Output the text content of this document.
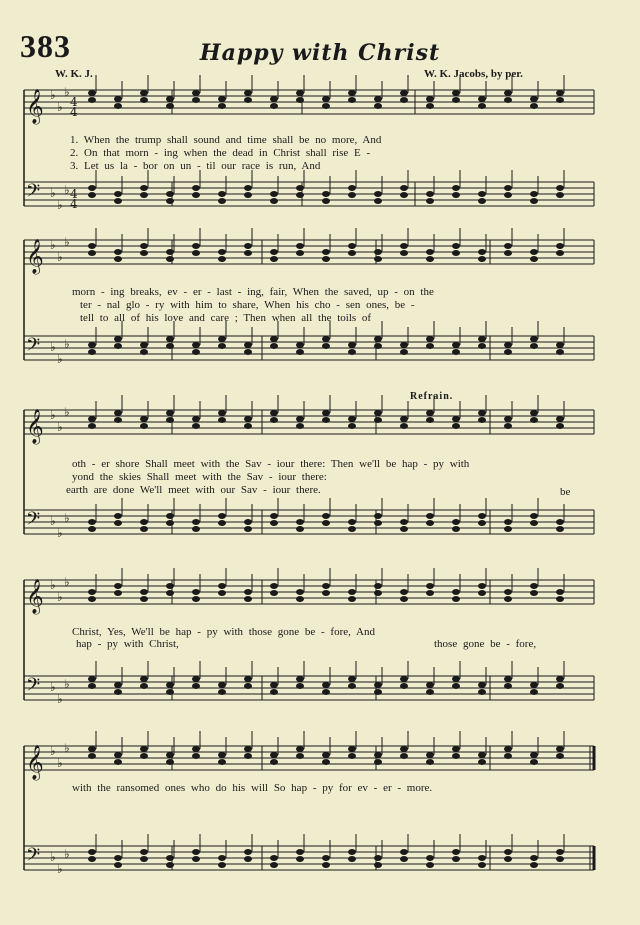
383	Happy with Christ
W. K. J.	W. K. Jacobs, by per.
Refrain.
𝄞 ♭
♭
♭
𝄢 ♭
♭
♭
𝄞 ♭
♭
♭
𝄢 ♭
♭
♭
𝄞 ♭
♭
♭
𝄢 ♭
♭
♭
𝄞 ♭
♭
♭
𝄢 ♭
♭
♭
𝄞 ♭
♭
♭
𝄢 ♭
♭
♭
4
4
4
4
1. When the trump shall sound and time shall be no more, And
2. On that morn - ing when the dead in Christ shall rise E -
3. Let us la - bor on un - til our race is run, And
morn - ing breaks, ev - er - last - ing, fair, When the saved, up - on the
ter - nal glo - ry with him to share, When his cho - sen ones, be -
tell to all of his love and care ; Then when all the toils of
oth - er shore Shall meet with the Sav - iour there: Then we'll be hap - py with
yond the skies Shall meet with the Sav - iour there:
earth are done We'll meet with our Sav - iour there.	be
Christ, Yes, We'll be hap - py with those gone be - fore, And
hap - py with Christ,	those gone be - fore,
with the ransomed ones who do his will So hap - py for ev - er - more.
